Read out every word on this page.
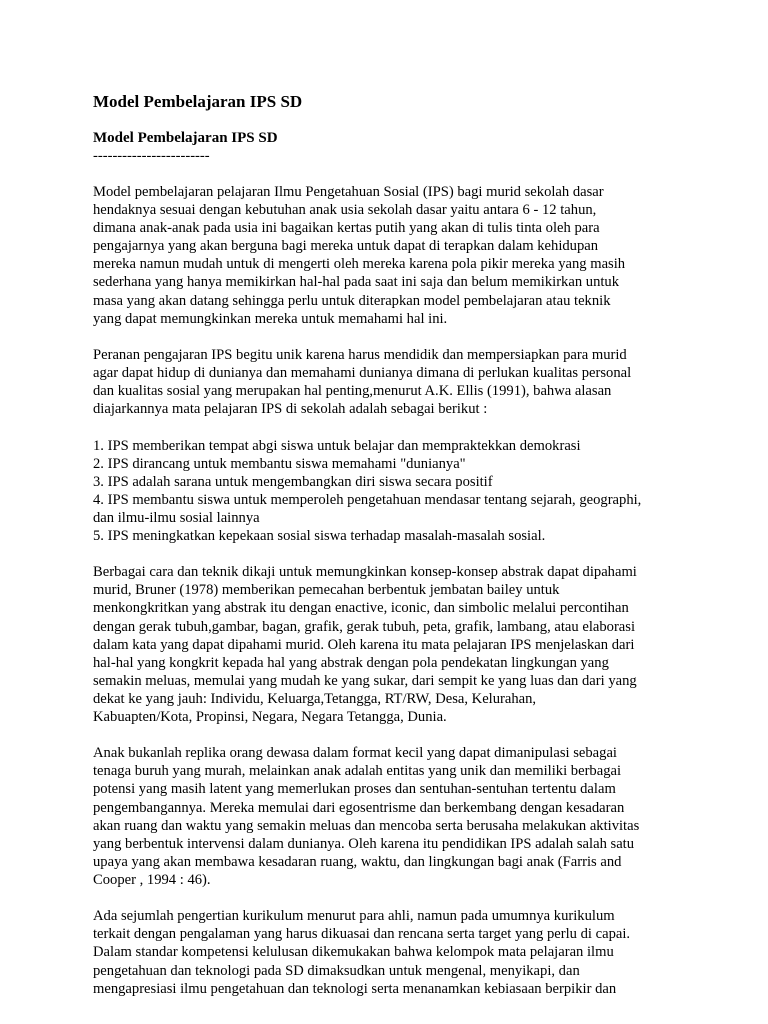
Model Pembelajaran IPS SD
Model Pembelajaran IPS SD
------------------------

Model pembelajaran pelajaran Ilmu Pengetahuan Sosial (IPS) bagi murid sekolah dasar
hendaknya sesuai dengan kebutuhan anak usia sekolah dasar yaitu antara 6 - 12 tahun,
dimana anak-anak pada usia ini bagaikan kertas putih yang akan di tulis tinta oleh para
pengajarnya yang akan berguna bagi mereka untuk dapat di terapkan dalam kehidupan
mereka namun mudah untuk di mengerti oleh mereka karena pola pikir mereka yang masih
sederhana yang hanya memikirkan hal-hal pada saat ini saja dan belum memikirkan untuk
masa yang akan datang sehingga perlu untuk diterapkan model pembelajaran atau teknik
yang dapat memungkinkan mereka untuk memahami hal ini.

Peranan pengajaran IPS begitu unik karena harus mendidik dan mempersiapkan para murid
agar dapat hidup di dunianya dan memahami dunianya dimana di perlukan kualitas personal
dan kualitas sosial yang merupakan hal penting,menurut A.K. Ellis (1991), bahwa alasan
diajarkannya mata pelajaran IPS di sekolah adalah sebagai berikut :

1. IPS memberikan tempat abgi siswa untuk belajar dan mempraktekkan demokrasi
2. IPS dirancang untuk membantu siswa memahami "dunianya"
3. IPS adalah sarana untuk mengembangkan diri siswa secara positif
4. IPS membantu siswa untuk memperoleh pengetahuan mendasar tentang sejarah, geographi,
dan ilmu-ilmu sosial lainnya
5. IPS meningkatkan kepekaan sosial siswa terhadap masalah-masalah sosial.

Berbagai cara dan teknik dikaji untuk memungkinkan konsep-konsep abstrak dapat dipahami
murid, Bruner (1978) memberikan pemecahan berbentuk jembatan bailey untuk
menkongkritkan yang abstrak itu dengan enactive, iconic, dan simbolic melalui percontihan
dengan gerak tubuh,gambar, bagan, grafik, gerak tubuh, peta, grafik, lambang, atau elaborasi
dalam kata yang dapat dipahami murid. Oleh karena itu mata pelajaran IPS menjelaskan dari
hal-hal yang kongkrit kepada hal yang abstrak dengan pola pendekatan lingkungan yang
semakin meluas, memulai yang mudah ke yang sukar, dari sempit ke yang luas dan dari yang
dekat ke yang jauh: Individu, Keluarga,Tetangga, RT/RW, Desa, Kelurahan,
Kabuapten/Kota, Propinsi, Negara, Negara Tetangga, Dunia.

Anak bukanlah replika orang dewasa dalam format kecil yang dapat dimanipulasi sebagai
tenaga buruh yang murah, melainkan anak adalah entitas yang unik dan memiliki berbagai
potensi yang masih latent yang memerlukan proses dan sentuhan-sentuhan tertentu dalam
pengembangannya. Mereka memulai dari egosentrisme dan berkembang dengan kesadaran
akan ruang dan waktu yang semakin meluas dan mencoba serta berusaha melakukan aktivitas
yang berbentuk intervensi dalam dunianya. Oleh karena itu pendidikan IPS adalah salah satu
upaya yang akan membawa kesadaran ruang, waktu, dan lingkungan bagi anak (Farris and
Cooper , 1994 : 46).

Ada sejumlah pengertian kurikulum menurut para ahli, namun pada umumnya kurikulum
terkait dengan pengalaman yang harus dikuasai dan rencana serta target yang perlu di capai.
Dalam standar kompetensi kelulusan dikemukakan bahwa kelompok mata pelajaran ilmu
pengetahuan dan teknologi pada SD dimaksudkan untuk mengenal, menyikapi, dan
mengapresiasi ilmu pengetahuan dan teknologi serta menanamkan kebiasaan berpikir dan
